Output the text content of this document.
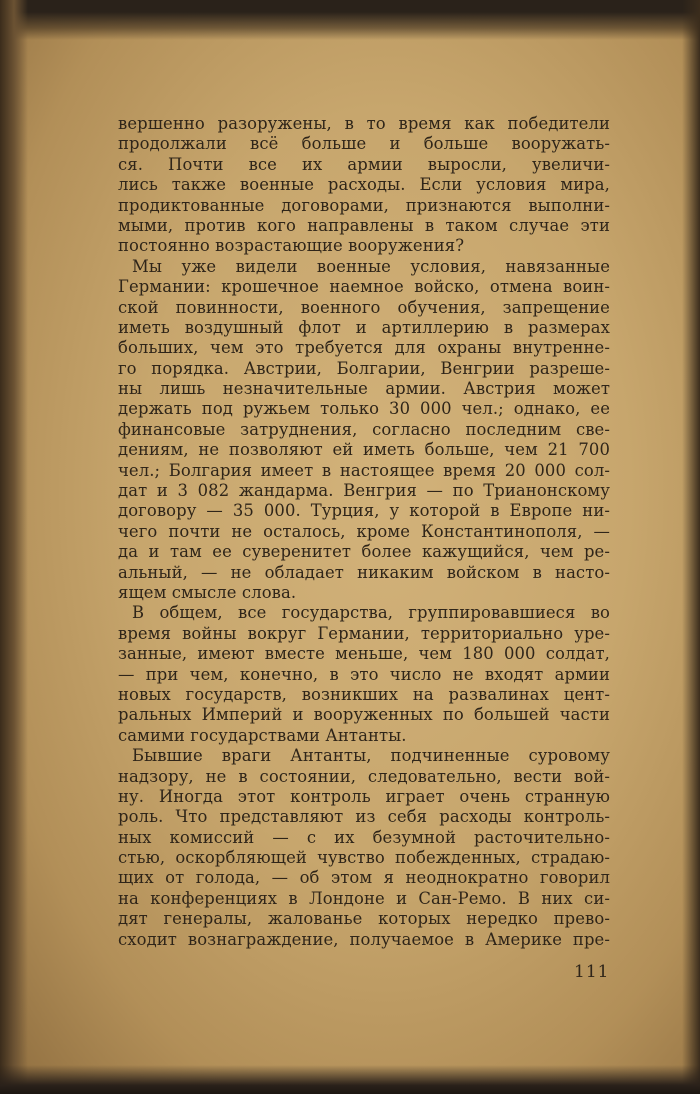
вершенно разоружены, в то время как победители
продолжали всё больше и больше вооружать-
ся. Почти все их армии выросли, увеличи-
лись также военные расходы. Если условия мира,
продиктованные договорами, признаются выполни-
мыми, против кого направлены в таком случае эти
постоянно возрастающие вооружения?
Мы уже видели военные условия, навязанные
Германии: крошечное наемное войско, отмена воин-
ской повинности, военного обучения, запрещение
иметь воздушный флот и артиллерию в размерах
больших, чем это требуется для охраны внутренне-
го порядка. Австрии, Болгарии, Венгрии разреше-
ны лишь незначительные армии. Австрия может
держать под ружьем только 30 000 чел.; однако, ее
финансовые затруднения, согласно последним све-
дениям, не позволяют ей иметь больше, чем 21 700
чел.; Болгария имеет в настоящее время 20 000 сол-
дат и 3 082 жандарма. Венгрия — по Трианонскому
договору — 35 000. Турция, у которой в Европе ни-
чего почти не осталось, кроме Константинополя, —
да и там ее суверенитет более кажущийся, чем ре-
альный, — не обладает никаким войском в насто-
ящем смысле слова.
В общем, все государства, группировавшиеся во
время войны вокруг Германии, территориально уре-
занные, имеют вместе меньше, чем 180 000 солдат,
— при чем, конечно, в это число не входят армии
новых государств, возникших на развалинах цент-
ральных Империй и вооруженных по большей части
самими государствами Антанты.
Бывшие враги Антанты, подчиненные суровому
надзору, не в состоянии, следовательно, вести вой-
ну. Иногда этот контроль играет очень странную
роль. Что представляют из себя расходы контроль-
ных комиссий — с их безумной расточительно-
стью, оскорбляющей чувство побежденных, страдаю-
щих от голода, — об этом я неоднократно говорил
на конференциях в Лондоне и Сан-Ремо. В них си-
дят генералы, жалованье которых нередко прево-
сходит вознаграждение, получаемое в Америке пре-
111
